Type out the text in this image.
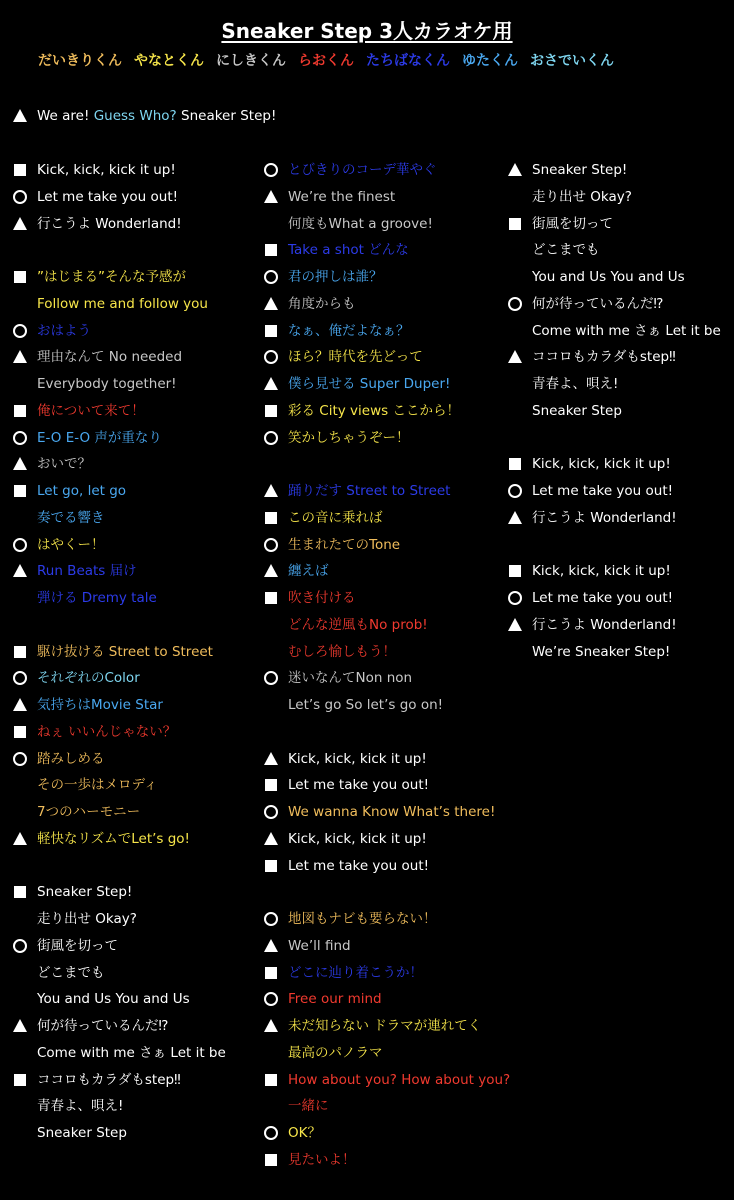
Sneaker Step 3人カラオケ用
だいきりくん やなとくん にしきくん らおくん たちばなくん ゆたくん おさでいくん
We are! Guess Who? Sneaker Step!
Kick, kick, kick it up!
Let me take you out!
行こうよ Wonderland!
”はじまる”そんな予感が
Follow me and follow you
おはよう
理由なんて No needed
Everybody together!
俺について来て！
E-O E-O 声が重なり
おいで？
Let go, let go
奏でる響き
はやくー！
Run Beats 届け
弾ける Dremy tale
駆け抜ける Street to Street
それぞれのColor
気持ちはMovie Star
ねぇ いいんじゃない？
踏みしめる
その一歩はメロディ
7つのハーモニー
軽快なリズムでLet’s go!
Sneaker Step!
走り出せ Okay?
街風を切って
どこまでも
You and Us You and Us
何が待っているんだ⁉
Come with me さぁ Let it be
ココロもカラダもstep‼
青春よ、唄え!
Sneaker Step
とびきりのコーデ華やぐ
We’re the finest
何度もWhat a groove!
Take a shot どんな
君の押しは誰？
角度からも
なぁ、俺だよなぁ？
ほら？時代を先どって
僕ら見せる Super Duper!
彩る City views ここから！
笑かしちゃうぞー！
踊りだす Street to Street
この音に乗れば
生まれたてのTone
纏えば
吹き付ける
どんな逆風もNo prob!
むしろ愉しもう！
迷いなんてNon non
Let’s go So let’s go on!
Kick, kick, kick it up!
Let me take you out!
We wanna Know What’s there!
Kick, kick, kick it up!
Let me take you out!
地図もナビも要らない！
We’ll find
どこに辿り着こうか！
Free our mind
未だ知らない ドラマが連れてく
最高のパノラマ
How about you? How about you?
一緒に
OK？
見たいよ！
Sneaker Step!
走り出せ Okay?
街風を切って
どこまでも
You and Us You and Us
何が待っているんだ⁉
Come with me さぁ Let it be
ココロもカラダもstep‼
青春よ、唄え!
Sneaker Step
Kick, kick, kick it up!
Let me take you out!
行こうよ Wonderland!
Kick, kick, kick it up!
Let me take you out!
行こうよ Wonderland!
We’re Sneaker Step!
